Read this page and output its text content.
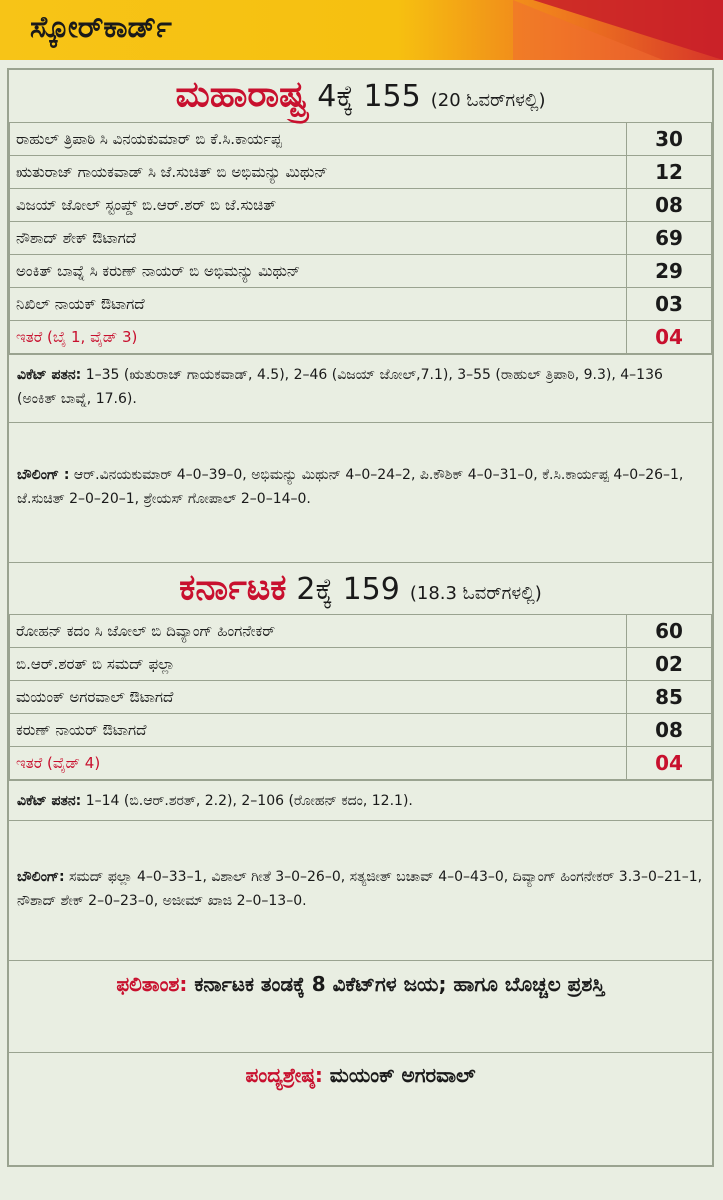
ಸ್ಕೋರ್‌ಕಾರ್ಡ್
ಮಹಾರಾಷ್ಟ್ರ 4ಕ್ಕೆ 155 (20 ಓವರ್‌ಗಳಲ್ಲಿ)
ರಾಹುಲ್ ತ್ರಿಪಾಠಿ ಸಿ ವಿನಯಕುಮಾರ್ ಬಿ ಕೆ.ಸಿ.ಕಾರ್ಯಪ್ಪ	30
ಋತುರಾಜ್ ಗಾಯಕವಾಡ್ ಸಿ ಜೆ.ಸುಚಿತ್ ಬಿ ಅಭಿಮನ್ಯು ಮಿಥುನ್	12
ವಿಜಯ್ ಜೋಲ್ ಸ್ಟಂಪ್ಡ್ ಬಿ.ಆರ್.ಶರ್ ಬಿ ಜೆ.ಸುಚಿತ್	08
ನೌಶಾದ್ ಶೇಕ್ ಔಟಾಗದೆ	69
ಅಂಕಿತ್ ಬಾವ್ನೆ ಸಿ ಕರುಣ್ ನಾಯರ್ ಬಿ ಅಭಿಮನ್ಯು ಮಿಥುನ್	29
ನಿಖಿಲ್ ನಾಯಕ್ ಔಟಾಗದೆ	03
ಇತರೆ (ಬೈ 1, ವೈಡ್ 3)	04
ವಿಕೆಟ್ ಪತನ: 1–35 (ಋತುರಾಜ್ ಗಾಯಕವಾಡ್, 4.5), 2–46 (ವಿಜಯ್ ಜೋಲ್,7.1), 3–55 (ರಾಹುಲ್ ತ್ರಿಪಾಠಿ, 9.3), 4–136 (ಅಂಕಿತ್ ಬಾವ್ನೆ, 17.6).
ಬೌಲಿಂಗ್ : ಆರ್.ವಿನಯಕುಮಾರ್ 4–0–39–0, ಅಭಿಮನ್ಯು ಮಿಥುನ್ 4–0–24–2, ಪಿ.ಕೌಶಿಕ್ 4–0–31–0, ಕೆ.ಸಿ.ಕಾರ್ಯಪ್ಪ 4–0–26–1, ಜೆ.ಸುಚಿತ್ 2–0–20–1, ಶ್ರೇಯಸ್ ಗೋಪಾಲ್ 2–0–14–0.
ಕರ್ನಾಟಕ 2ಕ್ಕೆ 159 (18.3 ಓವರ್‌ಗಳಲ್ಲಿ)
ರೋಹನ್ ಕದಂ ಸಿ ಜೋಲ್ ಬಿ ದಿವ್ಯಾಂಗ್ ಹಿಂಗನೇಕರ್	60
ಬಿ.ಆರ್.ಶರತ್ ಬಿ ಸಮದ್ ಫಲ್ಲಾ	02
ಮಯಂಕ್ ಅಗರವಾಲ್ ಔಟಾಗದೆ	85
ಕರುಣ್ ನಾಯರ್ ಔಟಾಗದೆ	08
ಇತರೆ (ವೈಡ್ 4)	04
ವಿಕೆಟ್ ಪತನ: 1–14 (ಬಿ.ಆರ್.ಶರತ್, 2.2), 2–106 (ರೋಹನ್ ಕದಂ, 12.1).
ಬೌಲಿಂಗ್: ಸಮದ್ ಫಲ್ಲಾ 4–0–33–1, ವಿಶಾಲ್ ಗೀತೆ 3–0–26–0, ಸತ್ಯಜೀತ್ ಬಚಾವ್ 4–0–43–0, ದಿವ್ಯಾಂಗ್ ಹಿಂಗನೇಕರ್ 3.3–0–21–1, ನೌಶಾದ್ ಶೇಕ್ 2–0–23–0, ಅಜೀಮ್ ಖಾಜಿ 2–0–13–0.
ಫಲಿತಾಂಶ: ಕರ್ನಾಟಕ ತಂಡಕ್ಕೆ 8 ವಿಕೆಟ್‌ಗಳ ಜಯ; ಹಾಗೂ ಬೊಚ್ಚಲ ಪ್ರಶಸ್ತಿ
ಪಂದ್ಯಶ್ರೇಷ್ಠ: ಮಯಂಕ್ ಅಗರವಾಲ್
